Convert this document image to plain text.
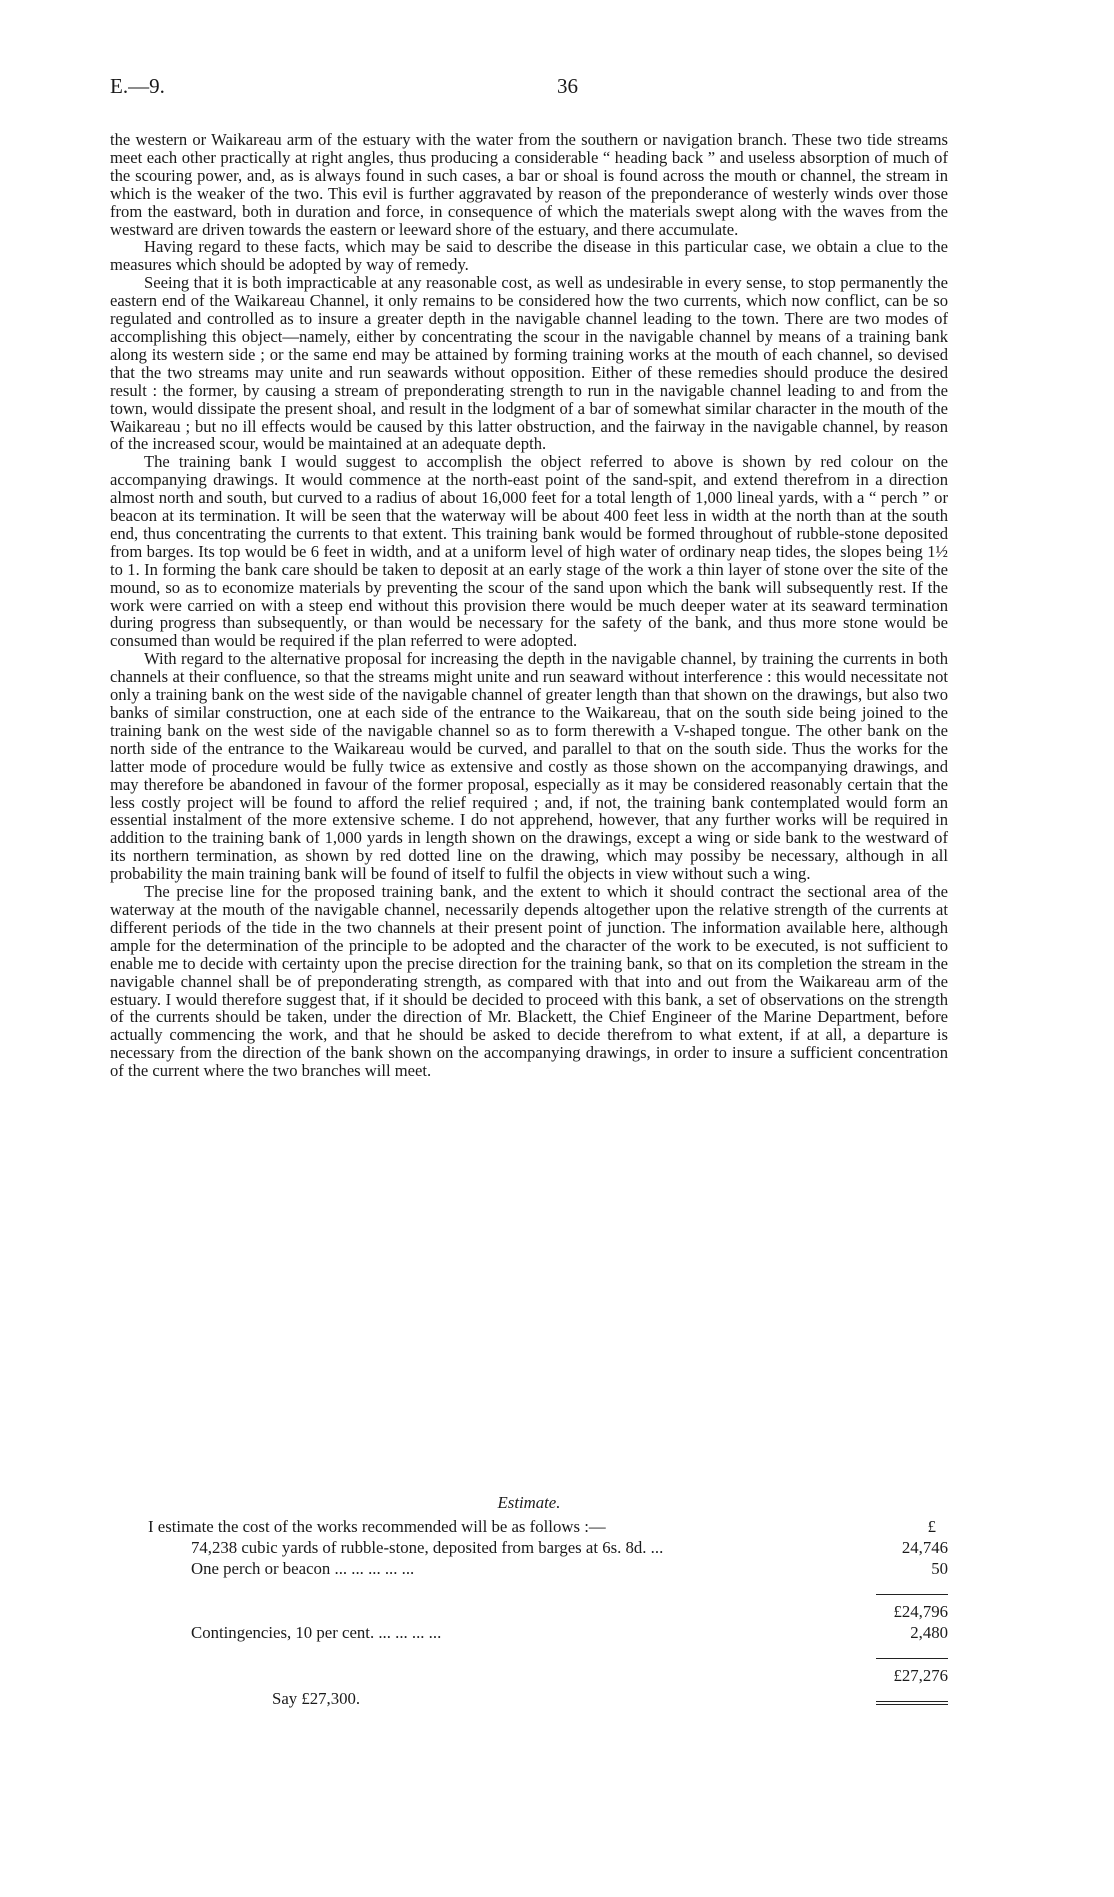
E.—9.	36

the western or Waikareau arm of the estuary with the water from the southern or navigation branch. These two tide streams meet each other practically at right angles, thus producing a considerable “ heading back ” and useless absorption of much of the scouring power, and, as is always found in such cases, a bar or shoal is found across the mouth or channel, the stream in which is the weaker of the two. This evil is further aggravated by reason of the preponderance of westerly winds over those from the eastward, both in duration and force, in consequence of which the materials swept along with the waves from the westward are driven towards the eastern or leeward shore of the estuary, and there accumulate.

Having regard to these facts, which may be said to describe the disease in this particular case, we obtain a clue to the measures which should be adopted by way of remedy.

Seeing that it is both impracticable at any reasonable cost, as well as undesirable in every sense, to stop permanently the eastern end of the Waikareau Channel, it only remains to be considered how the two currents, which now conflict, can be so regulated and controlled as to insure a greater depth in the navigable channel leading to the town. There are two modes of accomplishing this object—namely, either by concentrating the scour in the navigable channel by means of a training bank along its western side ; or the same end may be attained by forming training works at the mouth of each channel, so devised that the two streams may unite and run seawards without opposition. Either of these remedies should produce the desired result : the former, by causing a stream of preponderating strength to run in the navigable channel leading to and from the town, would dissipate the present shoal, and result in the lodgment of a bar of somewhat similar character in the mouth of the Waikareau ; but no ill effects would be caused by this latter obstruction, and the fairway in the navigable channel, by reason of the increased scour, would be maintained at an adequate depth.

The training bank I would suggest to accomplish the object referred to above is shown by red colour on the accompanying drawings. It would commence at the north-east point of the sand-spit, and extend therefrom in a direction almost north and south, but curved to a radius of about 16,000 feet for a total length of 1,000 lineal yards, with a “ perch ” or beacon at its termination. It will be seen that the waterway will be about 400 feet less in width at the north than at the south end, thus concentrating the currents to that extent. This training bank would be formed throughout of rubble-stone deposited from barges. Its top would be 6 feet in width, and at a uniform level of high water of ordinary neap tides, the slopes being 1½ to 1. In forming the bank care should be taken to deposit at an early stage of the work a thin layer of stone over the site of the mound, so as to economize materials by preventing the scour of the sand upon which the bank will subsequently rest. If the work were carried on with a steep end without this provision there would be much deeper water at its seaward termination during progress than subsequently, or than would be necessary for the safety of the bank, and thus more stone would be consumed than would be required if the plan referred to were adopted.

With regard to the alternative proposal for increasing the depth in the navigable channel, by training the currents in both channels at their confluence, so that the streams might unite and run seaward without interference : this would necessitate not only a training bank on the west side of the navigable channel of greater length than that shown on the drawings, but also two banks of similar construction, one at each side of the entrance to the Waikareau, that on the south side being joined to the training bank on the west side of the navigable channel so as to form therewith a V-shaped tongue. The other bank on the north side of the entrance to the Waikareau would be curved, and parallel to that on the south side. Thus the works for the latter mode of procedure would be fully twice as extensive and costly as those shown on the accompanying drawings, and may therefore be abandoned in favour of the former proposal, especially as it may be considered reasonably certain that the less costly project will be found to afford the relief required ; and, if not, the training bank contemplated would form an essential instalment of the more extensive scheme. I do not apprehend, however, that any further works will be required in addition to the training bank of 1,000 yards in length shown on the drawings, except a wing or side bank to the westward of its northern termination, as shown by red dotted line on the drawing, which may possiby be necessary, although in all probability the main training bank will be found of itself to fulfil the objects in view without such a wing.

The precise line for the proposed training bank, and the extent to which it should contract the sectional area of the waterway at the mouth of the navigable channel, necessarily depends altogether upon the relative strength of the currents at different periods of the tide in the two channels at their present point of junction. The information available here, although ample for the determination of the principle to be adopted and the character of the work to be executed, is not sufficient to enable me to decide with certainty upon the precise direction for the training bank, so that on its completion the stream in the navigable channel shall be of preponderating strength, as compared with that into and out from the Waikareau arm of the estuary. I would therefore suggest that, if it should be decided to proceed with this bank, a set of observations on the strength of the currents should be taken, under the direction of Mr. Blackett, the Chief Engineer of the Marine Department, before actually commencing the work, and that he should be asked to decide therefrom to what extent, if at all, a departure is necessary from the direction of the bank shown on the accompanying drawings, in order to insure a sufficient concentration of the current where the two branches will meet.

Estimate.
I estimate the cost of the works recommended will be as follows :—	£
74,238 cubic yards of rubble-stone, deposited from barges at 6s. 8d. ...	24,746
One perch or beacon ... ... ... ... ...	50
£24,796
Contingencies, 10 per cent. ... ... ... ...	2,480
£27,276
Say £27,300.
